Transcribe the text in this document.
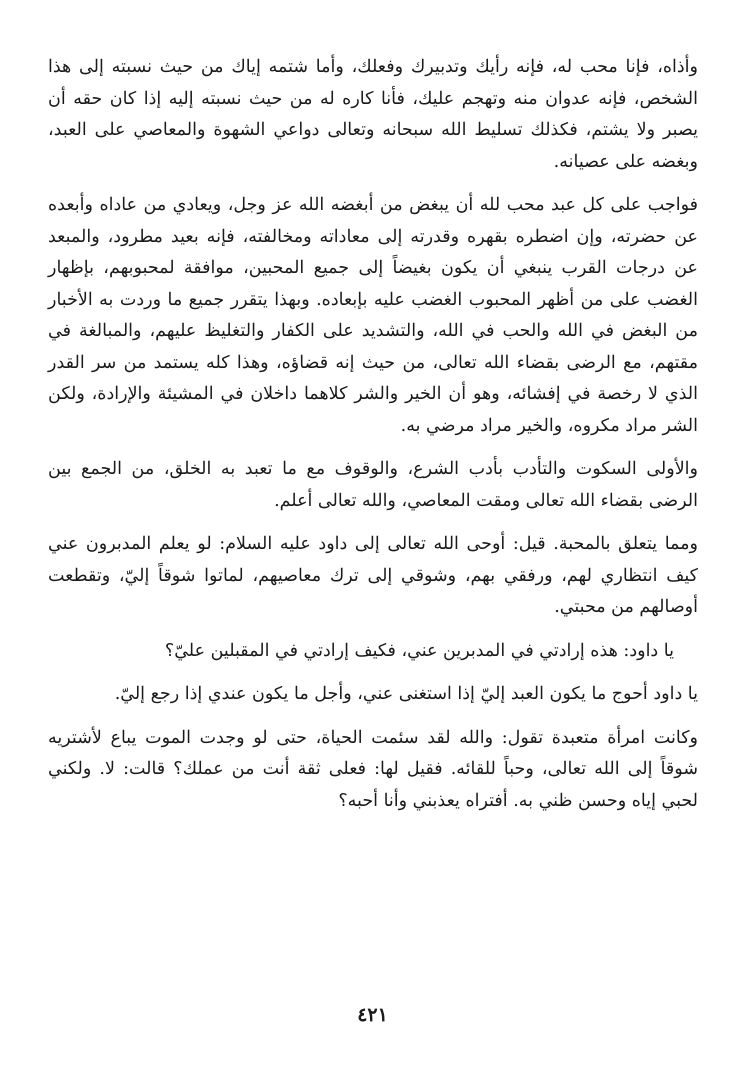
وأذاه، فإنا محب له، فإنه رأيك وتدبيرك وفعلك، وأما شتمه إياك من حيث نسبته إلى هذا الشخص، فإنه عدوان منه وتهجم عليك، فأنا كاره له من حيث نسبته إليه إذا كان حقه أن يصبر ولا يشتم، فكذلك تسليط الله سبحانه وتعالى دواعي الشهوة والمعاصي على العبد، وبغضه على عصيانه.

فواجب على كل عبد محب لله أن يبغض من أبغضه الله عز وجل، ويعادي من عاداه وأبعده عن حضرته، وإن اضطره بقهره وقدرته إلى معاداته ومخالفته، فإنه بعيد مطرود، والمبعد عن درجات القرب ينبغي أن يكون بغيضاً إلى جميع المحبين، موافقة لمحبوبهم، بإظهار الغضب على من أظهر المحبوب الغضب عليه بإبعاده. وبهذا يتقرر جميع ما وردت به الأخبار من البغض في الله والحب في الله، والتشديد على الكفار والتغليظ عليهم، والمبالغة في مقتهم، مع الرضى بقضاء الله تعالى، من حيث إنه قضاؤه، وهذا كله يستمد من سر القدر الذي لا رخصة في إفشائه، وهو أن الخير والشر كلاهما داخلان في المشيئة والإرادة، ولكن الشر مراد مكروه، والخير مراد مرضي به.

والأولى السكوت والتأدب بأدب الشرع، والوقوف مع ما تعبد به الخلق، من الجمع بين الرضى بقضاء الله تعالى ومقت المعاصي، والله تعالى أعلم.

ومما يتعلق بالمحبة. قيل: أوحى الله تعالى إلى داود عليه السلام: لو يعلم المدبرون عني كيف انتظاري لهم، ورفقي بهم، وشوقي إلى ترك معاصيهم، لماتوا شوقاً إليّ، وتقطعت أوصالهم من محبتي.

يا داود: هذه إرادتي في المدبرين عني، فكيف إرادتي في المقبلين عليّ؟

يا داود أحوج ما يكون العبد إليّ إذا استغنى عني، وأجل ما يكون عندي إذا رجع إليّ.

وكانت امرأة متعبدة تقول: والله لقد سئمت الحياة، حتى لو وجدت الموت يباع لأشتريه شوقاً إلى الله تعالى، وحباً للقائه. فقيل لها: فعلى ثقة أنت من عملك؟ قالت: لا. ولكني لحبي إياه وحسن ظني به. أفتراه يعذبني وأنا أحبه؟

٤٢١
